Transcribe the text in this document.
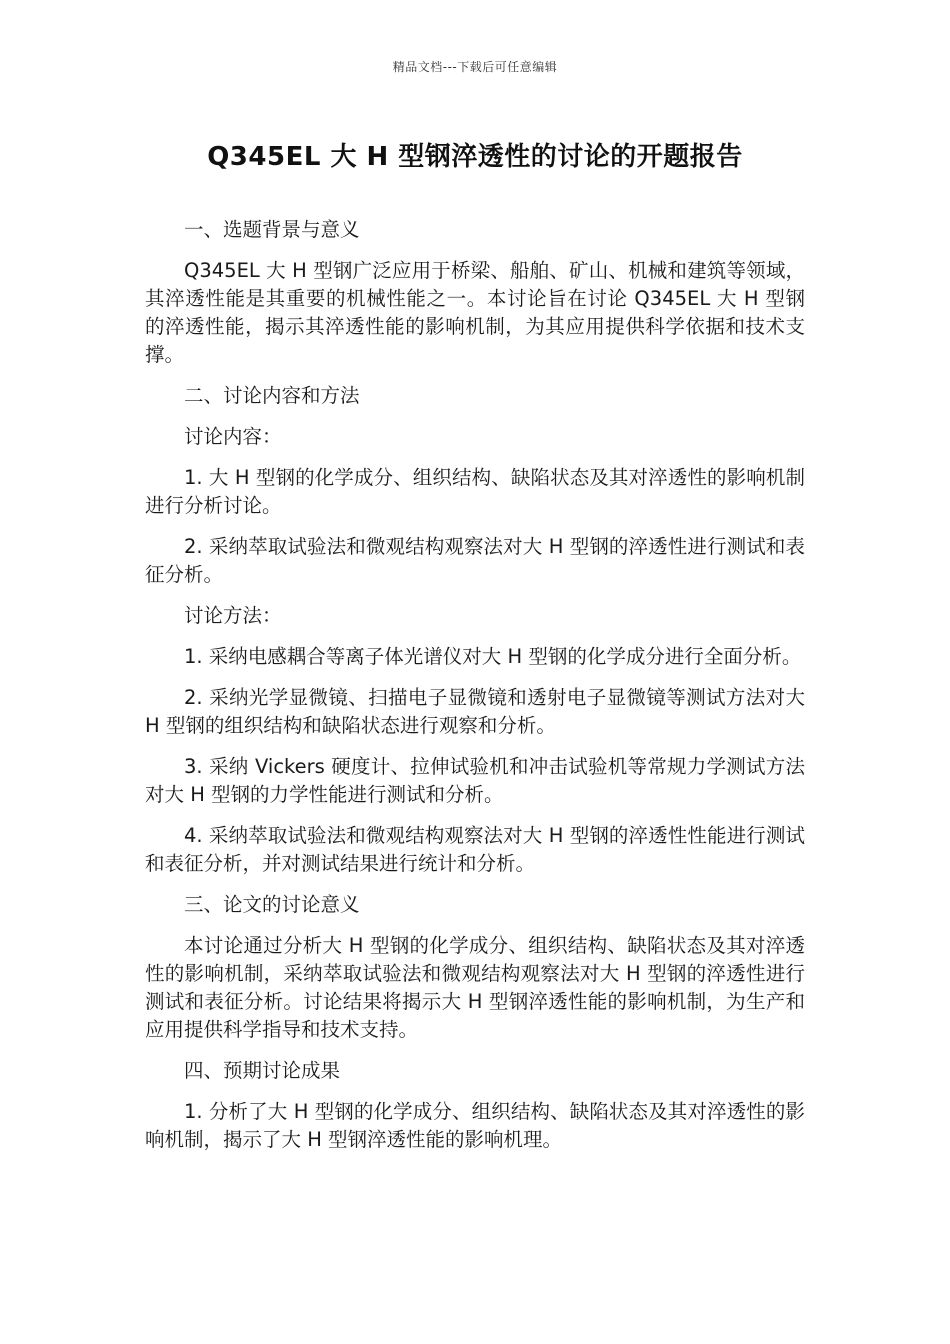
精品文档---下载后可任意编辑
Q345EL 大 H 型钢淬透性的讨论的开题报告

一、选题背景与意义

Q345EL 大 H 型钢广泛应用于桥梁、船舶、矿山、机械和建筑等领域，其淬透性能是其重要的机械性能之一。本讨论旨在讨论 Q345EL 大 H 型钢的淬透性能，揭示其淬透性能的影响机制，为其应用提供科学依据和技术支撑。

二、讨论内容和方法

讨论内容：

1. 大 H 型钢的化学成分、组织结构、缺陷状态及其对淬透性的影响机制进行分析讨论。

2. 采纳萃取试验法和微观结构观察法对大 H 型钢的淬透性进行测试和表征分析。

讨论方法：

1. 采纳电感耦合等离子体光谱仪对大 H 型钢的化学成分进行全面分析。

2. 采纳光学显微镜、扫描电子显微镜和透射电子显微镜等测试方法对大 H 型钢的组织结构和缺陷状态进行观察和分析。

3. 采纳 Vickers 硬度计、拉伸试验机和冲击试验机等常规力学测试方法对大 H 型钢的力学性能进行测试和分析。

4. 采纳萃取试验法和微观结构观察法对大 H 型钢的淬透性性能进行测试和表征分析，并对测试结果进行统计和分析。

三、论文的讨论意义

本讨论通过分析大 H 型钢的化学成分、组织结构、缺陷状态及其对淬透性的影响机制，采纳萃取试验法和微观结构观察法对大 H 型钢的淬透性进行测试和表征分析。讨论结果将揭示大 H 型钢淬透性能的影响机制，为生产和应用提供科学指导和技术支持。

四、预期讨论成果

1. 分析了大 H 型钢的化学成分、组织结构、缺陷状态及其对淬透性的影响机制，揭示了大 H 型钢淬透性能的影响机理。
